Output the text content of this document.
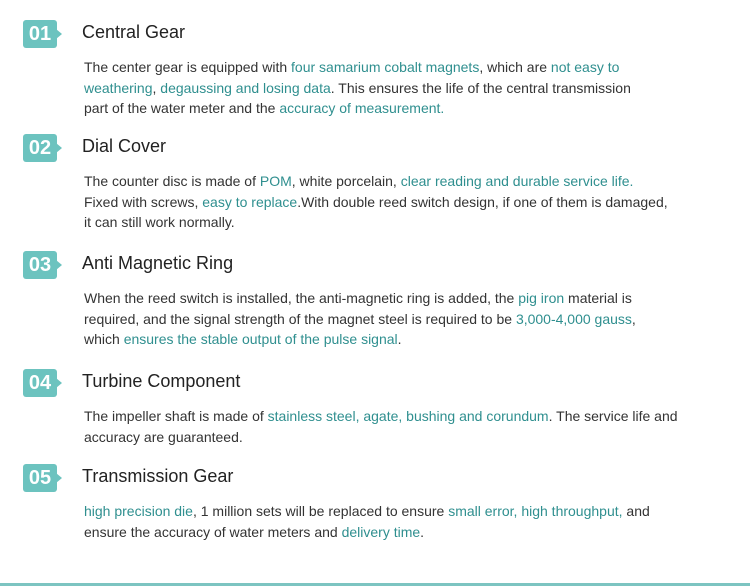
01	Central Gear
The center gear is equipped with four samarium cobalt magnets, which are not easy to
weathering, degaussing and losing data. This ensures the life of the central transmission
part of the water meter and the accuracy of measurement.
02	Dial Cover
The counter disc is made of POM, white porcelain, clear reading and durable service life.
Fixed with screws, easy to replace.With double reed switch design, if one of them is damaged,
it can still work normally.
03	Anti Magnetic Ring
When the reed switch is installed, the anti-magnetic ring is added, the pig iron material is
required, and the signal strength of the magnet steel is required to be 3,000-4,000 gauss,
which ensures the stable output of the pulse signal.
04	Turbine Component
The impeller shaft is made of stainless steel, agate, bushing and corundum. The service life and
accuracy are guaranteed.
05	Transmission Gear
high precision die, 1 million sets will be replaced to ensure small error, high throughput, and
ensure the accuracy of water meters and delivery time.
